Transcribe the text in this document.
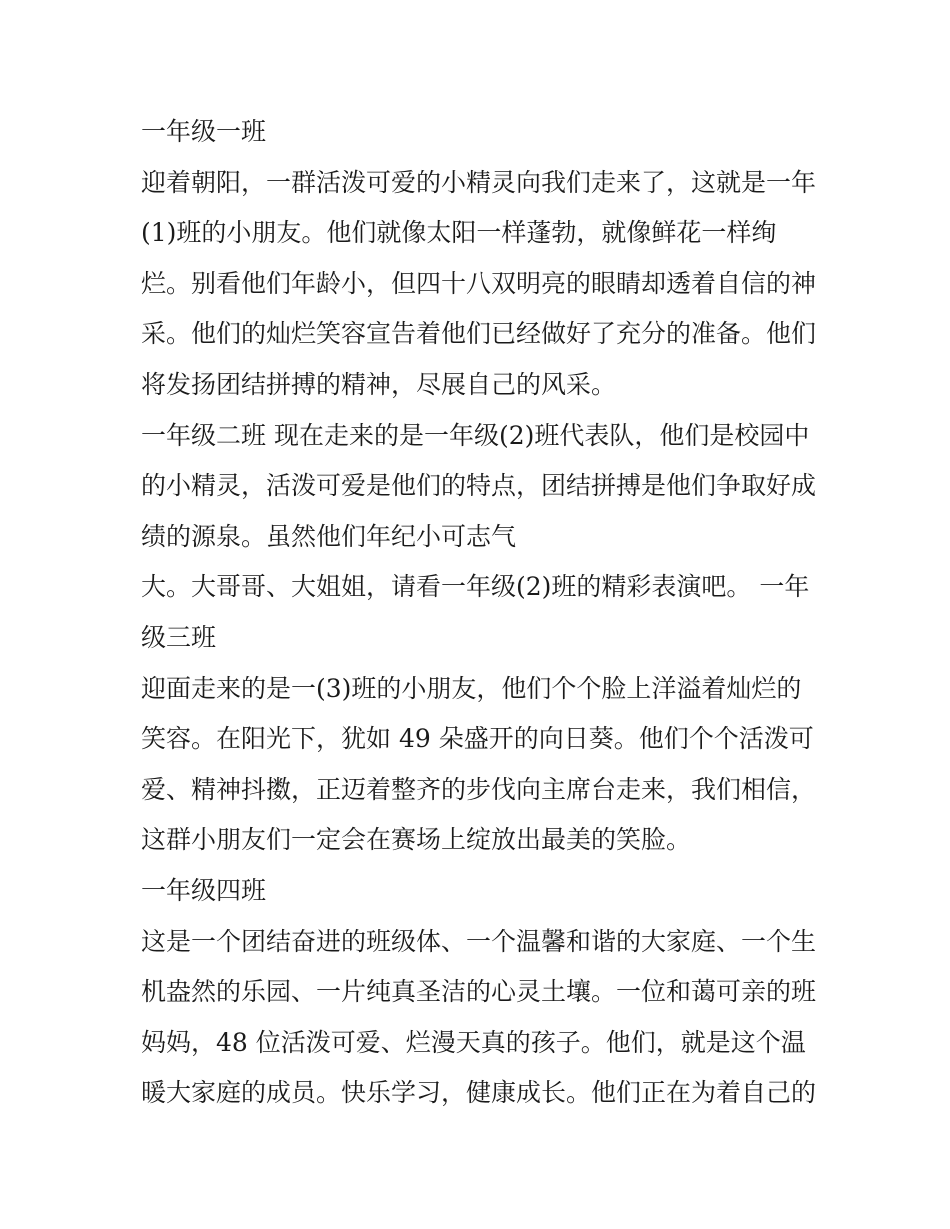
一年级一班

迎着朝阳，一群活泼可爱的小精灵向我们走来了，这就是一年

(1)班的小朋友。他们就像太阳一样蓬勃，就像鲜花一样绚

烂。别看他们年龄小，但四十八双明亮的眼睛却透着自信的神

采。他们的灿烂笑容宣告着他们已经做好了充分的准备。他们

将发扬团结拼搏的精神，尽展自己的风采。

一年级二班 现在走来的是一年级(2)班代表队，他们是校园中

的小精灵，活泼可爱是他们的特点，团结拼搏是他们争取好成

绩的源泉。虽然他们年纪小可志气

大。大哥哥、大姐姐，请看一年级(2)班的精彩表演吧。 一年

级三班

迎面走来的是一(3)班的小朋友，他们个个脸上洋溢着灿烂的

笑容。在阳光下，犹如 49 朵盛开的向日葵。他们个个活泼可

爱、精神抖擞，正迈着整齐的步伐向主席台走来，我们相信，

这群小朋友们一定会在赛场上绽放出最美的笑脸。

一年级四班

这是一个团结奋进的班级体、一个温馨和谐的大家庭、一个生

机盎然的乐园、一片纯真圣洁的心灵土壤。一位和蔼可亲的班

妈妈，48 位活泼可爱、烂漫天真的孩子。他们，就是这个温

暖大家庭的成员。快乐学习，健康成长。他们正在为着自己的
